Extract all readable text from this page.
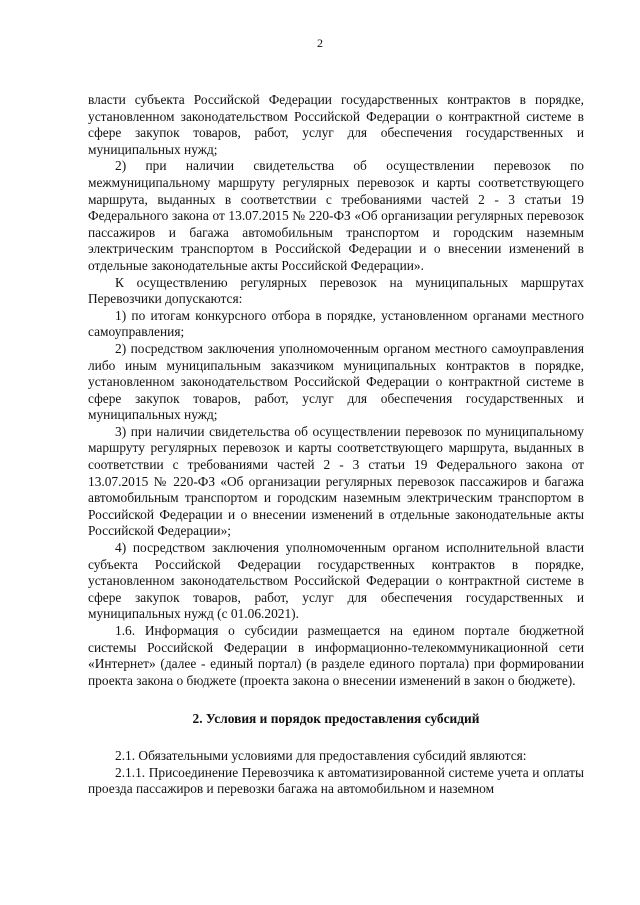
2

власти субъекта Российской Федерации государственных контрактов в порядке, установленном законодательством Российской Федерации о контрактной системе в сфере закупок товаров, работ, услуг для обеспечения государственных и муниципальных нужд;

2) при наличии свидетельства об осуществлении перевозок по межмуниципальному маршруту регулярных перевозок и карты соответствующего маршрута, выданных в соответствии с требованиями частей 2 - 3 статьи 19 Федерального закона от 13.07.2015 № 220-ФЗ «Об организации регулярных перевозок пассажиров и багажа автомобильным транспортом и городским наземным электрическим транспортом в Российской Федерации и о внесении изменений в отдельные законодательные акты Российской Федерации».

К осуществлению регулярных перевозок на муниципальных маршрутах Перевозчики допускаются:

1) по итогам конкурсного отбора в порядке, установленном органами местного самоуправления;

2) посредством заключения уполномоченным органом местного самоуправления либо иным муниципальным заказчиком муниципальных контрактов в порядке, установленном законодательством Российской Федерации о контрактной системе в сфере закупок товаров, работ, услуг для обеспечения государственных и муниципальных нужд;

3) при наличии свидетельства об осуществлении перевозок по муниципальному маршруту регулярных перевозок и карты соответствующего маршрута, выданных в соответствии с требованиями частей 2 - 3 статьи 19 Федерального закона от 13.07.2015 № 220-ФЗ «Об организации регулярных перевозок пассажиров и багажа автомобильным транспортом и городским наземным электрическим транспортом в Российской Федерации и о внесении изменений в отдельные законодательные акты Российской Федерации»;

4) посредством заключения уполномоченным органом исполнительной власти субъекта Российской Федерации государственных контрактов в порядке, установленном законодательством Российской Федерации о контрактной системе в сфере закупок товаров, работ, услуг для обеспечения государственных и муниципальных нужд (с 01.06.2021).

1.6. Информация о субсидии размещается на едином портале бюджетной системы Российской Федерации в информационно-телекоммуникационной сети «Интернет» (далее - единый портал) (в разделе единого портала) при формировании проекта закона о бюджете (проекта закона о внесении изменений в закон о бюджете).

2. Условия и порядок предоставления субсидий

2.1. Обязательными условиями для предоставления субсидий являются:

2.1.1. Присоединение Перевозчика к автоматизированной системе учета и оплаты проезда пассажиров и перевозки багажа на автомобильном и наземном
